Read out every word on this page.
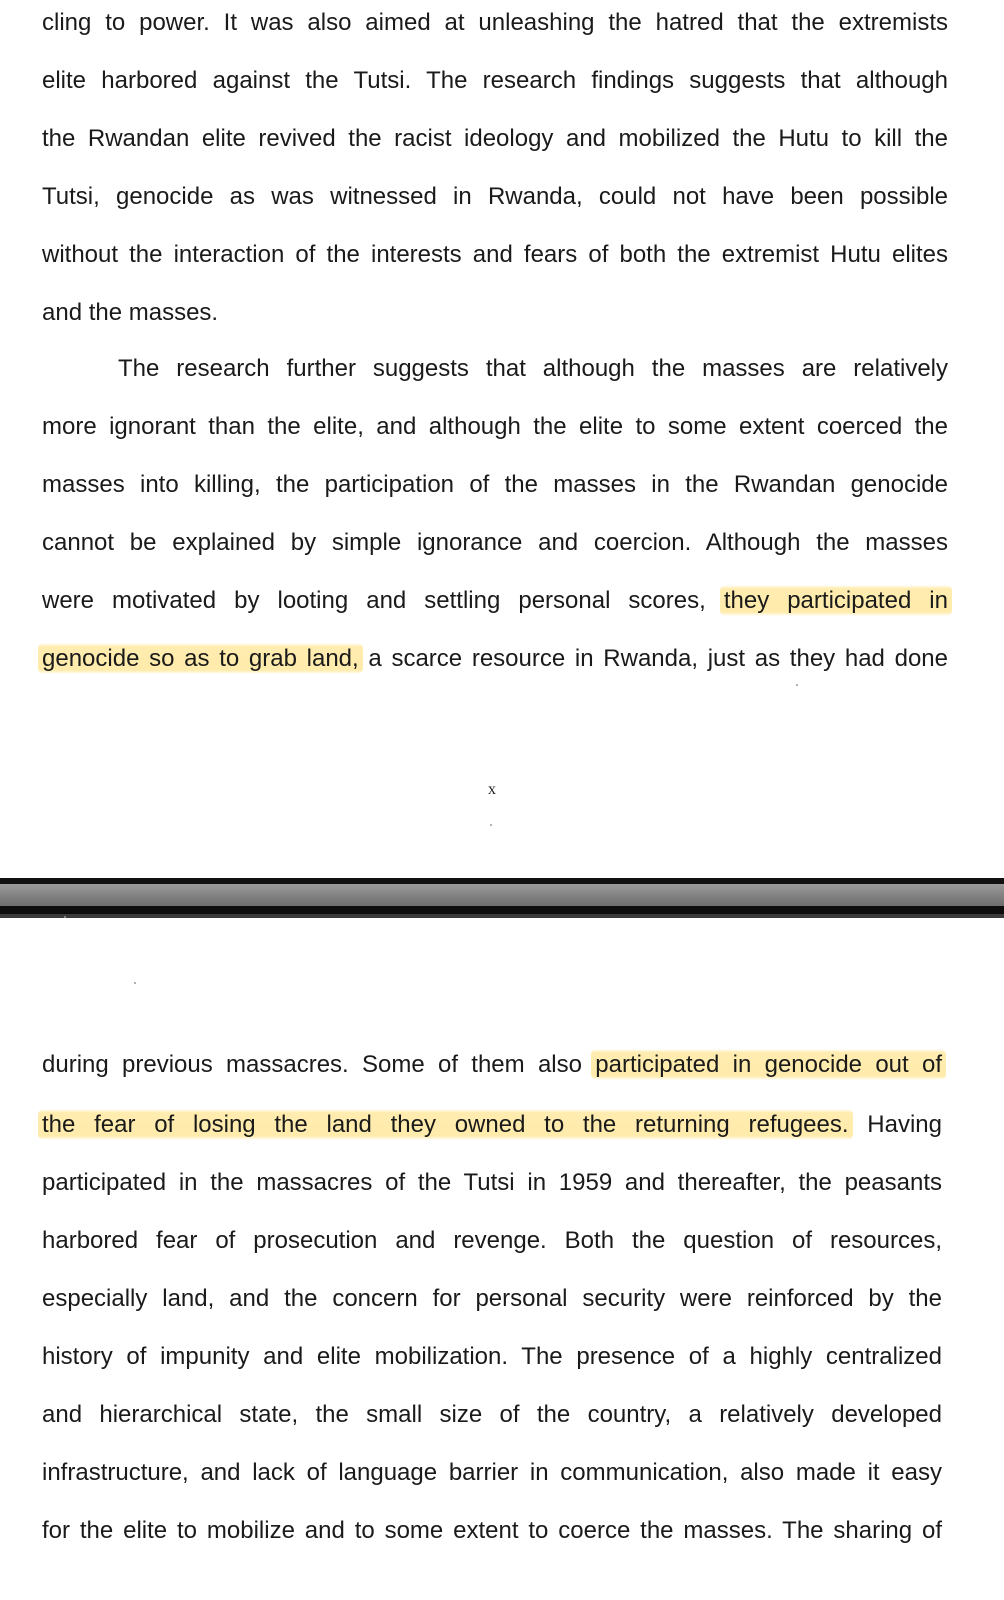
cling to power. It was also aimed at unleashing the hatred that the extremists
elite harbored against the Tutsi. The research findings suggests that although
the Rwandan elite revived the racist ideology and mobilized the Hutu to kill the
Tutsi, genocide as was witnessed in Rwanda, could not have been possible
without the interaction of the interests and fears of both the extremist Hutu elites
and the masses.
The research further suggests that although the masses are relatively
more ignorant than the elite, and although the elite to some extent coerced the
masses into killing, the participation of the masses in the Rwandan genocide
cannot be explained by simple ignorance and coercion. Although the masses
were motivated by looting and settling personal scores, they participated in
genocide so as to grab land, a scarce resource in Rwanda, just as they had done
x
during previous massacres. Some of them also participated in genocide out of
the fear of losing the land they owned to the returning refugees. Having
participated in the massacres of the Tutsi in 1959 and thereafter, the peasants
harbored fear of prosecution and revenge. Both the question of resources,
especially land, and the concern for personal security were reinforced by the
history of impunity and elite mobilization. The presence of a highly centralized
and hierarchical state, the small size of the country, a relatively developed
infrastructure, and lack of language barrier in communication, also made it easy
for the elite to mobilize and to some extent to coerce the masses. The sharing of
